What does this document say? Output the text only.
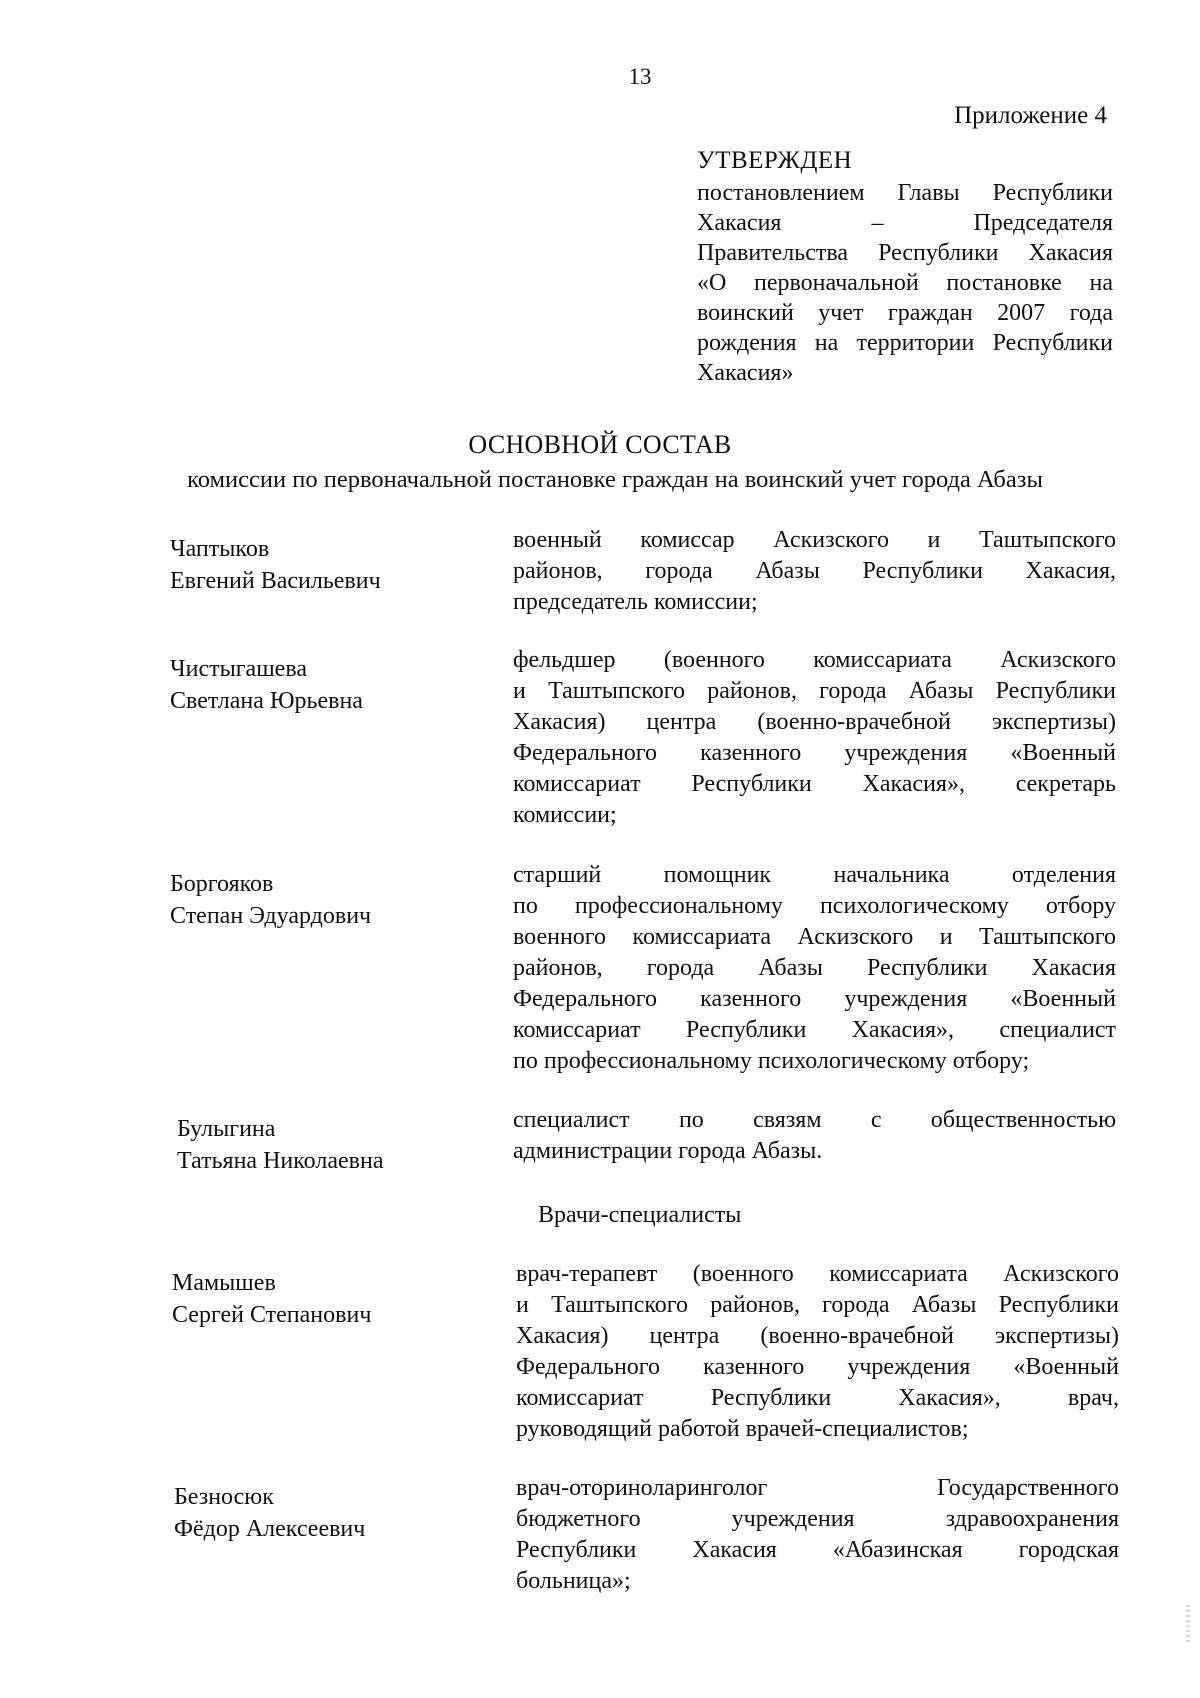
13
Приложение 4
УТВЕРЖДЕН
постановлением Главы Республики
Хакасия – Председателя
Правительства Республики Хакасия
«О первоначальной постановке на
воинский учет граждан 2007 года
рождения на территории Республики
Хакасия»
ОСНОВНОЙ СОСТАВ
комиссии по первоначальной постановке граждан на воинский учет города Абазы
Чаптыков
Евгений Васильевич
военный комиссар Аскизского и Таштыпского
районов, города Абазы Республики Хакасия,
председатель комиссии;
Чистыгашева
Светлана Юрьевна
фельдшер (военного комиссариата Аскизского
и Таштыпского районов, города Абазы Республики
Хакасия) центра (военно-врачебной экспертизы)
Федерального казенного учреждения «Военный
комиссариат Республики Хакасия», секретарь
комиссии;
Боргояков
Степан Эдуардович
старший помощник начальника отделения
по профессиональному психологическому отбору
военного комиссариата Аскизского и Таштыпского
районов, города Абазы Республики Хакасия
Федерального казенного учреждения «Военный
комиссариат Республики Хакасия», специалист
по профессиональному психологическому отбору;
Булыгина
Татьяна Николаевна
специалист по связям с общественностью
администрации города Абазы.
Врачи-специалисты
Мамышев
Сергей Степанович
врач-терапевт (военного комиссариата Аскизского
и Таштыпского районов, города Абазы Республики
Хакасия) центра (военно-врачебной экспертизы)
Федерального казенного учреждения «Военный
комиссариат Республики Хакасия», врач,
руководящий работой врачей-специалистов;
Безносюк
Фёдор Алексеевич
врач-оториноларинголог Государственного
бюджетного учреждения здравоохранения
Республики Хакасия «Абазинская городская
больница»;
